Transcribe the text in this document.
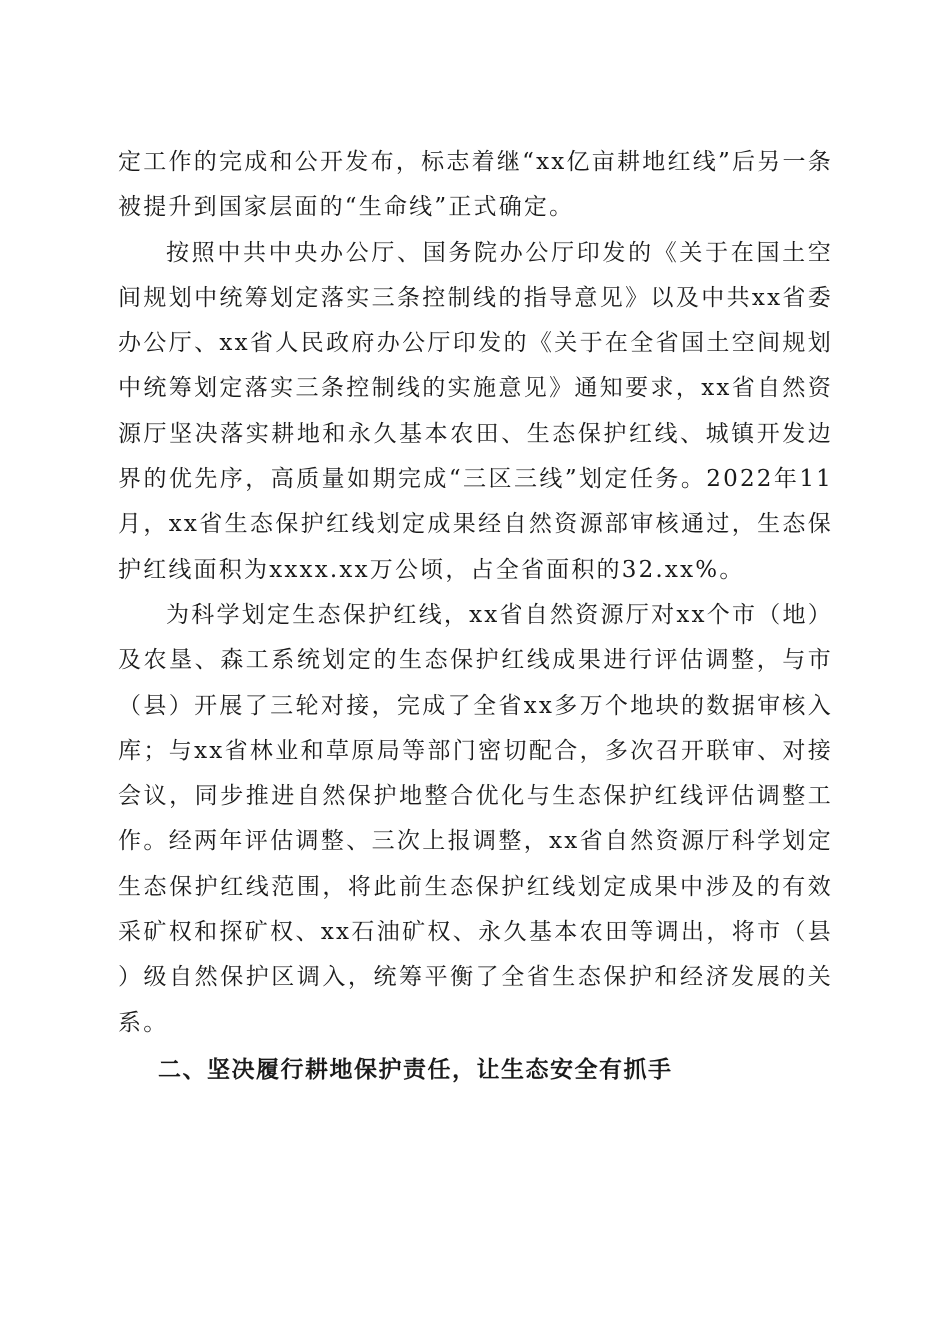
定工作的完成和公开发布，标志着继“xx亿亩耕地红线”后另一条被提升到国家层面的“生命线”正式确定。

按照中共中央办公厅、国务院办公厅印发的《关于在国土空间规划中统筹划定落实三条控制线的指导意见》以及中共xx省委办公厅、xx省人民政府办公厅印发的《关于在全省国土空间规划中统筹划定落实三条控制线的实施意见》通知要求，xx省自然资源厅坚决落实耕地和永久基本农田、生态保护红线、城镇开发边界的优先序，高质量如期完成“三区三线”划定任务。2022年11月，xx省生态保护红线划定成果经自然资源部审核通过，生态保护红线面积为xxxx.xx万公顷，占全省面积的32.xx%。

为科学划定生态保护红线，xx省自然资源厅对xx个市（地）及农垦、森工系统划定的生态保护红线成果进行评估调整，与市（县）开展了三轮对接，完成了全省xx多万个地块的数据审核入库；与xx省林业和草原局等部门密切配合，多次召开联审、对接会议，同步推进自然保护地整合优化与生态保护红线评估调整工作。经两年评估调整、三次上报调整，xx省自然资源厅科学划定生态保护红线范围，将此前生态保护红线划定成果中涉及的有效采矿权和探矿权、xx石油矿权、永久基本农田等调出，将市（县）级自然保护区调入，统筹平衡了全省生态保护和经济发展的关系。

二、坚决履行耕地保护责任，让生态安全有抓手
